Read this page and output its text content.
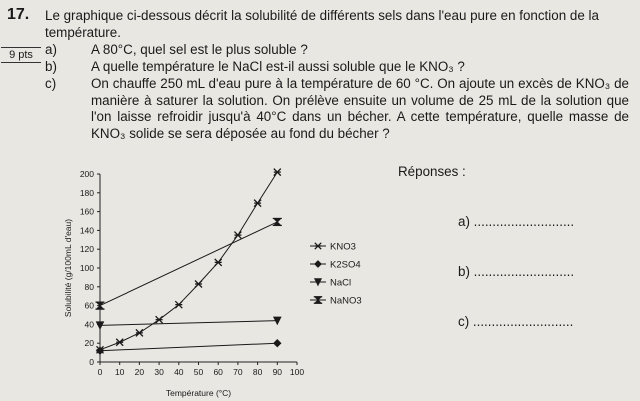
17.
9 pts
Le graphique ci-dessous décrit la solubilité de différents sels dans l'eau pure en fonction de la température.
a)	A 80°C, quel sel est le plus soluble ?
b)	A quelle température le NaCl est-il aussi soluble que le KNO₃ ?
c)	On chauffe 250 mL d'eau pure à la température de 60 °C. On ajoute un excès de KNO₃ de manière à saturer la solution. On prélève ensuite un volume de 25 mL de la solution que l'on laisse refroidir jusqu'à 40°C dans un bécher. A cette température, quelle masse de KNO₃ solide se sera déposée au fond du bécher ?
0
20
40
60
80
100
120
140
160
180
200
0 10 20 30 40 50 60 70 80 90 100
Température (°C)
Solubilité (g/100mL d'eau)	KNO3
K2SO4
NaCl
NaNO3
Réponses :
a) ...........................
b) ...........................
c) ...........................
